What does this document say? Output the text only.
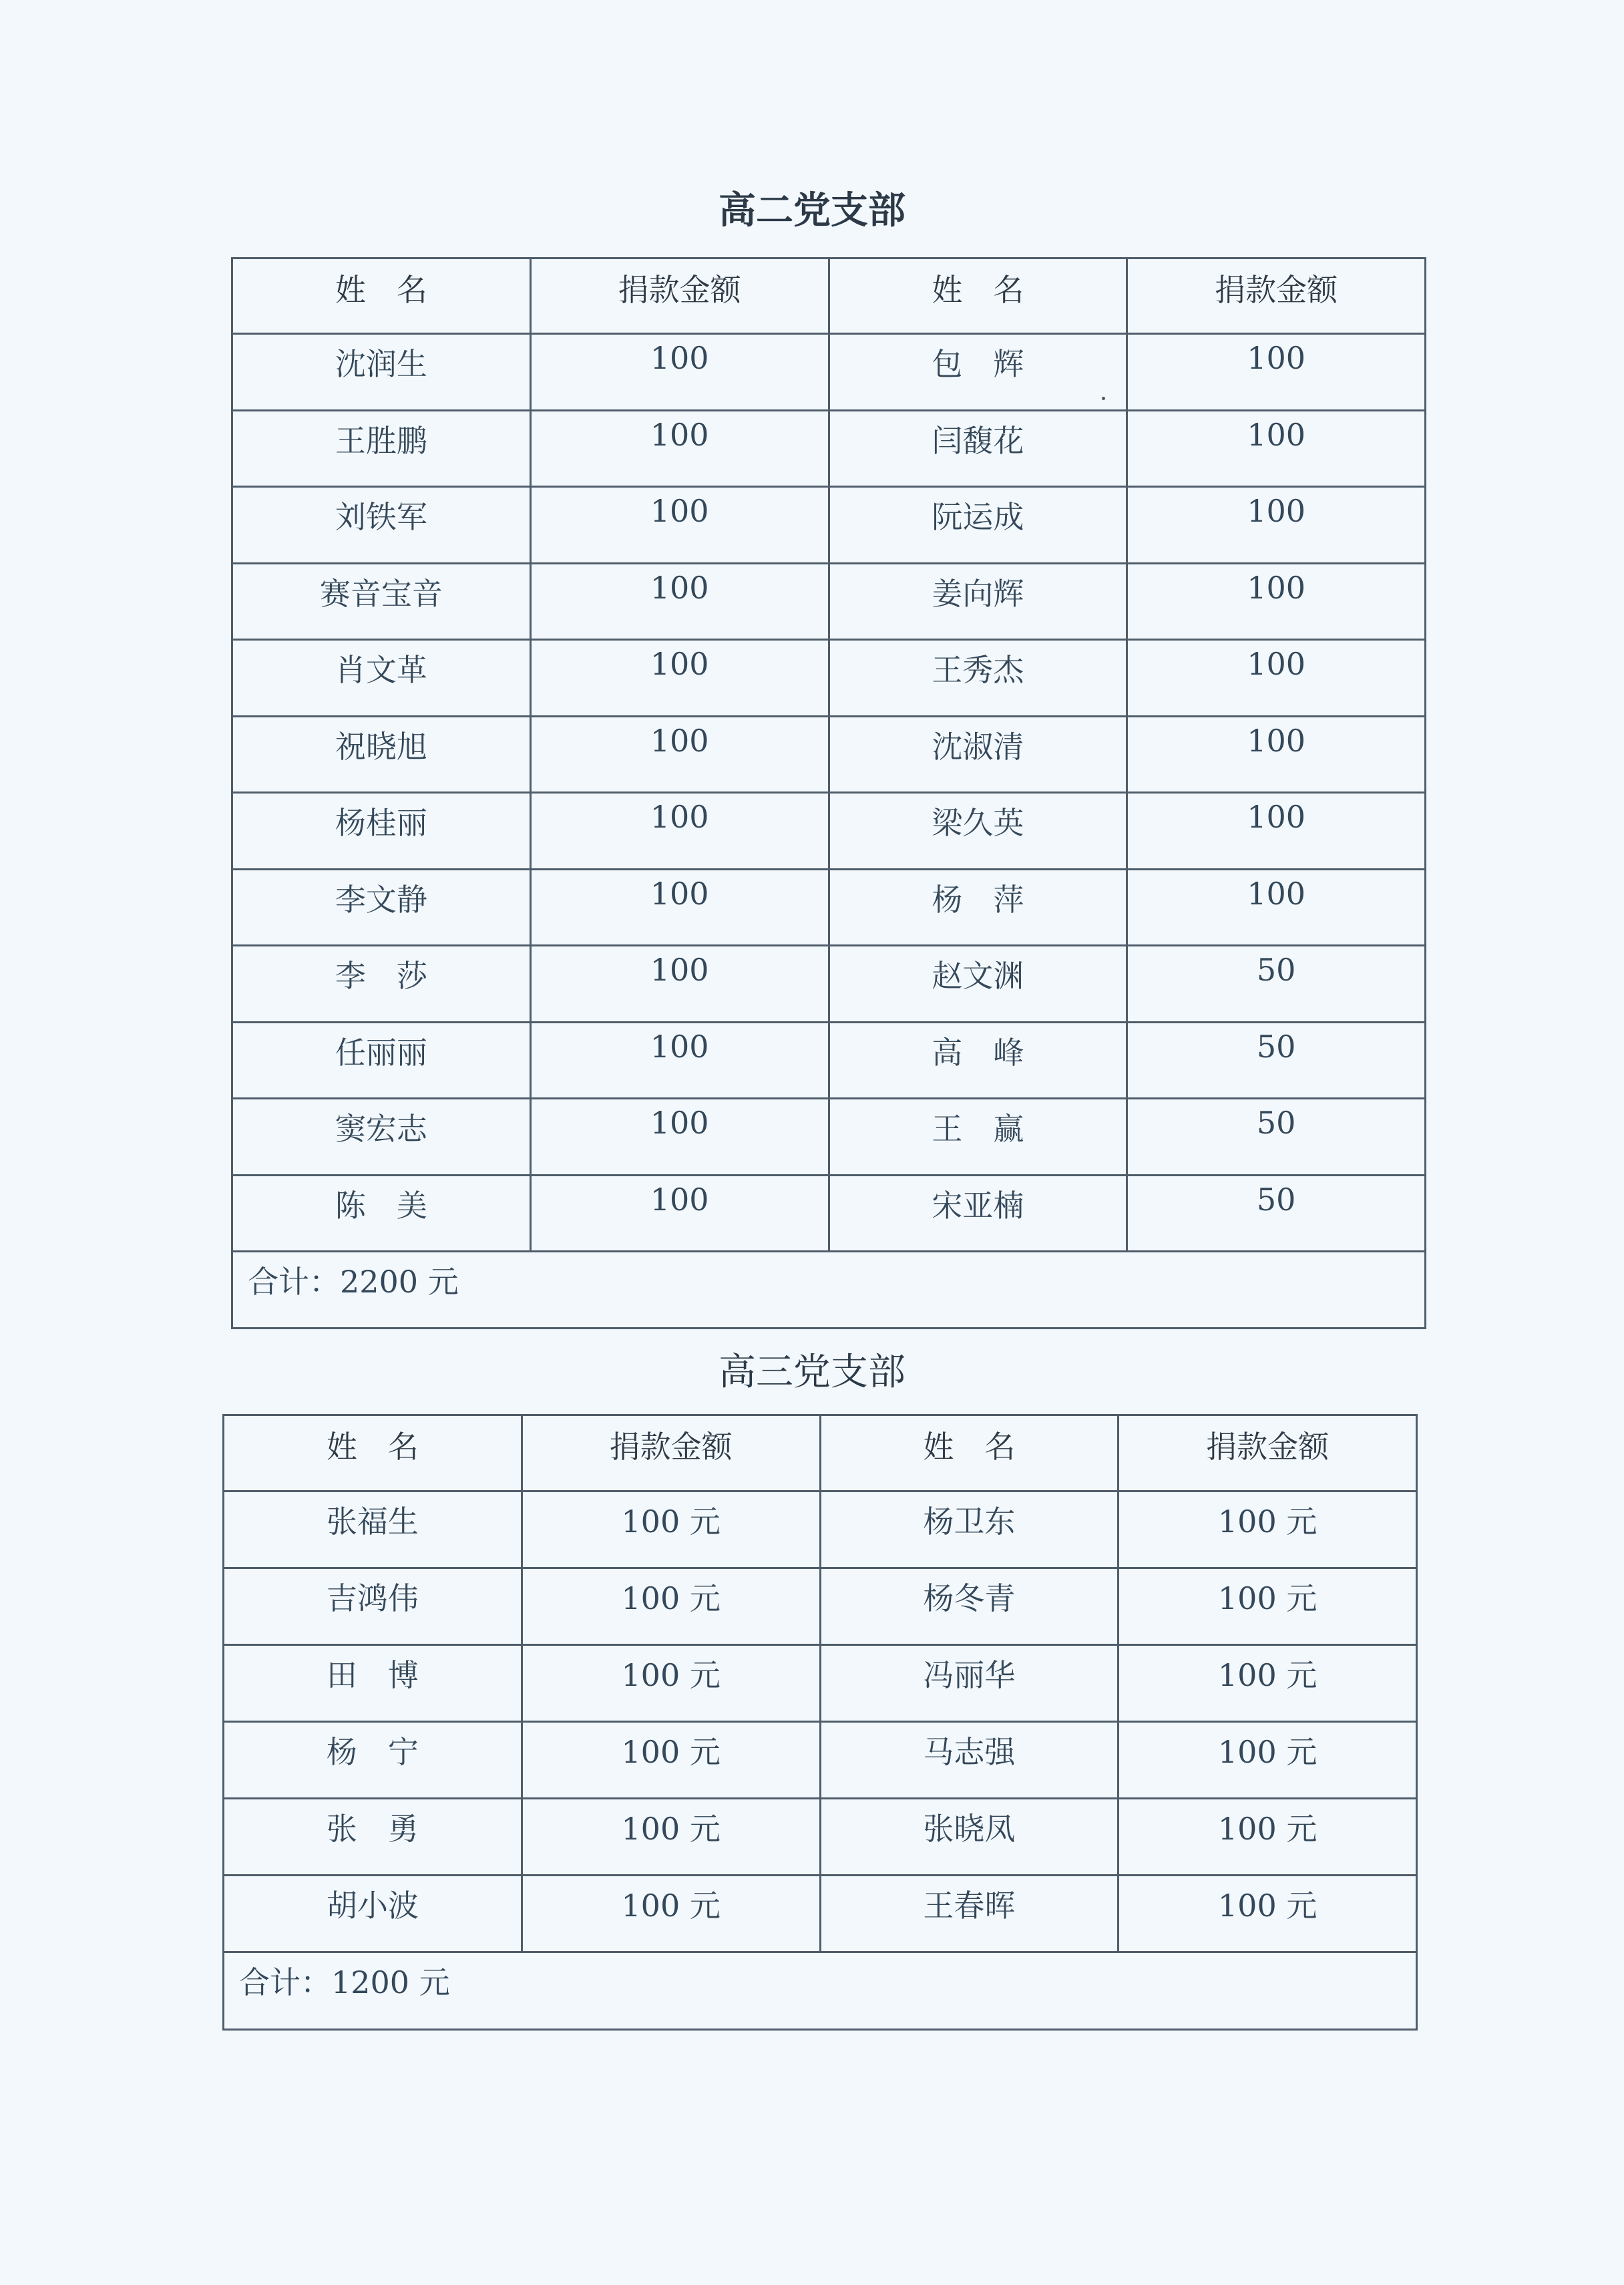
高二党支部
姓　名	捐款金额	姓　名	捐款金额
沈润生	100	包　辉	100
王胜鹏	100	闫馥花	100
刘铁军	100	阮运成	100
赛音宝音	100	姜向辉	100
肖文革	100	王秀杰	100
祝晓旭	100	沈淑清	100
杨桂丽	100	梁久英	100
李文静	100	杨　萍	100
李　莎	100	赵文渊	50
任丽丽	100	高　峰	50
窦宏志	100	王　赢	50
陈　美	100	宋亚楠	50
合计：2200 元			
高三党支部
姓　名	捐款金额	姓　名	捐款金额
张福生	100 元	杨卫东	100 元
吉鸿伟	100 元	杨冬青	100 元
田　博	100 元	冯丽华	100 元
杨　宁	100 元	马志强	100 元
张　勇	100 元	张晓凤	100 元
胡小波	100 元	王春晖	100 元
合计：1200 元			
